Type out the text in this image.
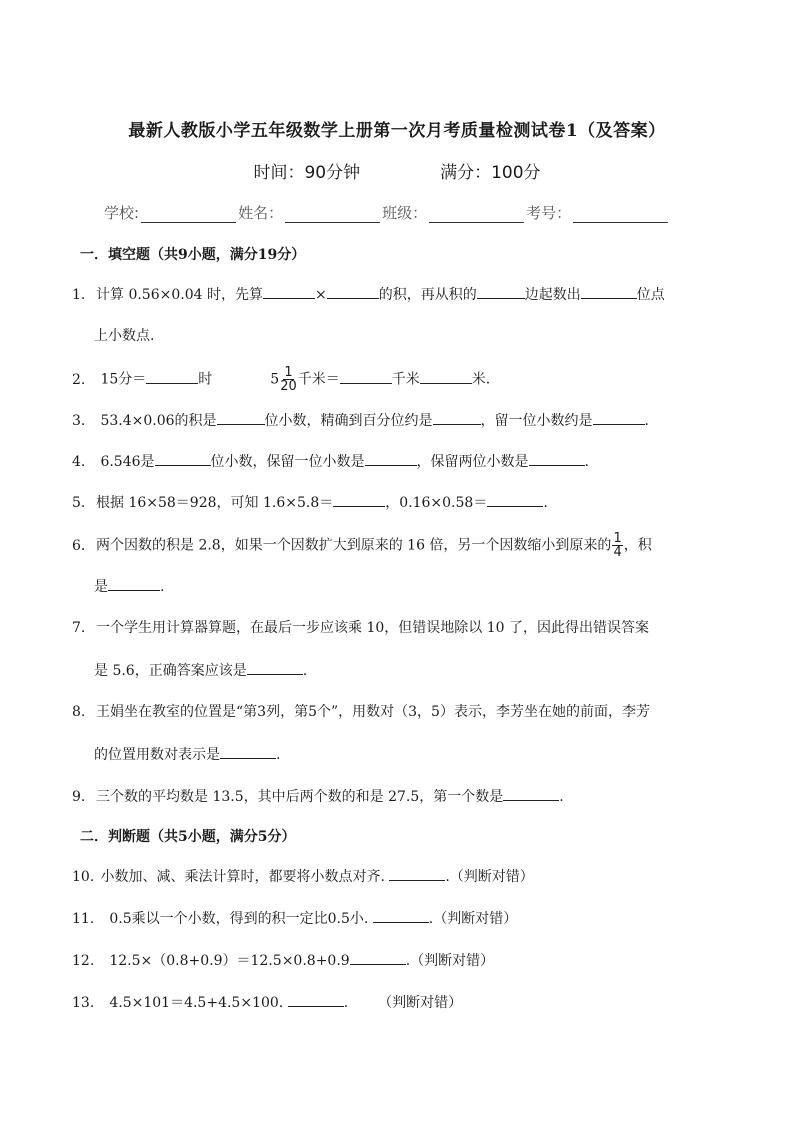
最新人教版小学五年级数学上册第一次月考质量检测试卷1（及答案）
时间：90分钟	满分：100分
学校:	姓名：	班级：	考号：
一．填空题（共9小题，满分19分）
1. 计算 0.56×0.04 时，先算	×	的积，再从积的	边起数出	位点
上小数点.
2. 15分＝	时	$5 \frac{1}{20}$ 千米＝	千米	米.
3. 53.4×0.06的积是	位小数，精确到百分位约是	，留一位小数约是	.
4. 6.546是	位小数，保留一位小数是	，保留两位小数是	.
5. 根据 16×58＝928，可知 1.6×5.8＝	，0.16×0.58＝	.
6. 两个因数的积是 2.8，如果一个因数扩大到原来的 16 倍，另一个因数缩小到原来的 $\frac{1}{4}$ ，积
是	.
7. 一个学生用计算器算题，在最后一步应该乘 10，但错误地除以 10 了，因此得出错误答案
是 5.6，正确答案应该是	.
8. 王娟坐在教室的位置是“第3列，第5个”，用数对（3，5）表示，李芳坐在她的前面，李芳
的位置用数对表示是	.
9. 三个数的平均数是 13.5，其中后两个数的和是 27.5，第一个数是	.
二．判断题（共5小题，满分5分）
10. 小数加、减、乘法计算时，都要将小数点对齐.	.（判断对错）
11. 0.5乘以一个小数，得到的积一定比0.5小.	.（判断对错）
12. 12.5×（0.8+0.9）＝12.5×0.8+0.9	.（判断对错）
13. 4.5×101＝4.5+4.5×100.	. （判断对错）
